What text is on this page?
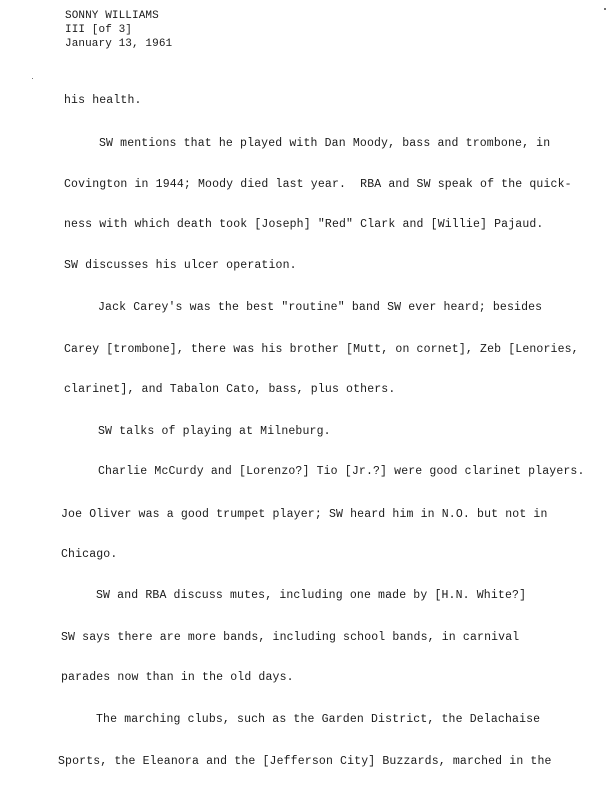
SONNY WILLIAMS
III [of 3]
January 13, 1961
his health.
SW mentions that he played with Dan Moody, bass and trombone, in
Covington in 1944; Moody died last year.  RBA and SW speak of the quick-
ness with which death took [Joseph] "Red" Clark and [Willie] Pajaud.
SW discusses his ulcer operation.
Jack Carey's was the best "routine" band SW ever heard; besides
Carey [trombone], there was his brother [Mutt, on cornet], Zeb [Lenories,
clarinet], and Tabalon Cato, bass, plus others.
SW talks of playing at Milneburg.
Charlie McCurdy and [Lorenzo?] Tio [Jr.?] were good clarinet players.
Joe Oliver was a good trumpet player; SW heard him in N.O. but not in
Chicago.
SW and RBA discuss mutes, including one made by [H.N. White?]
SW says there are more bands, including school bands, in carnival
parades now than in the old days.
The marching clubs, such as the Garden District, the Delachaise
Sports, the Eleanora and the [Jefferson City] Buzzards, marched in the
